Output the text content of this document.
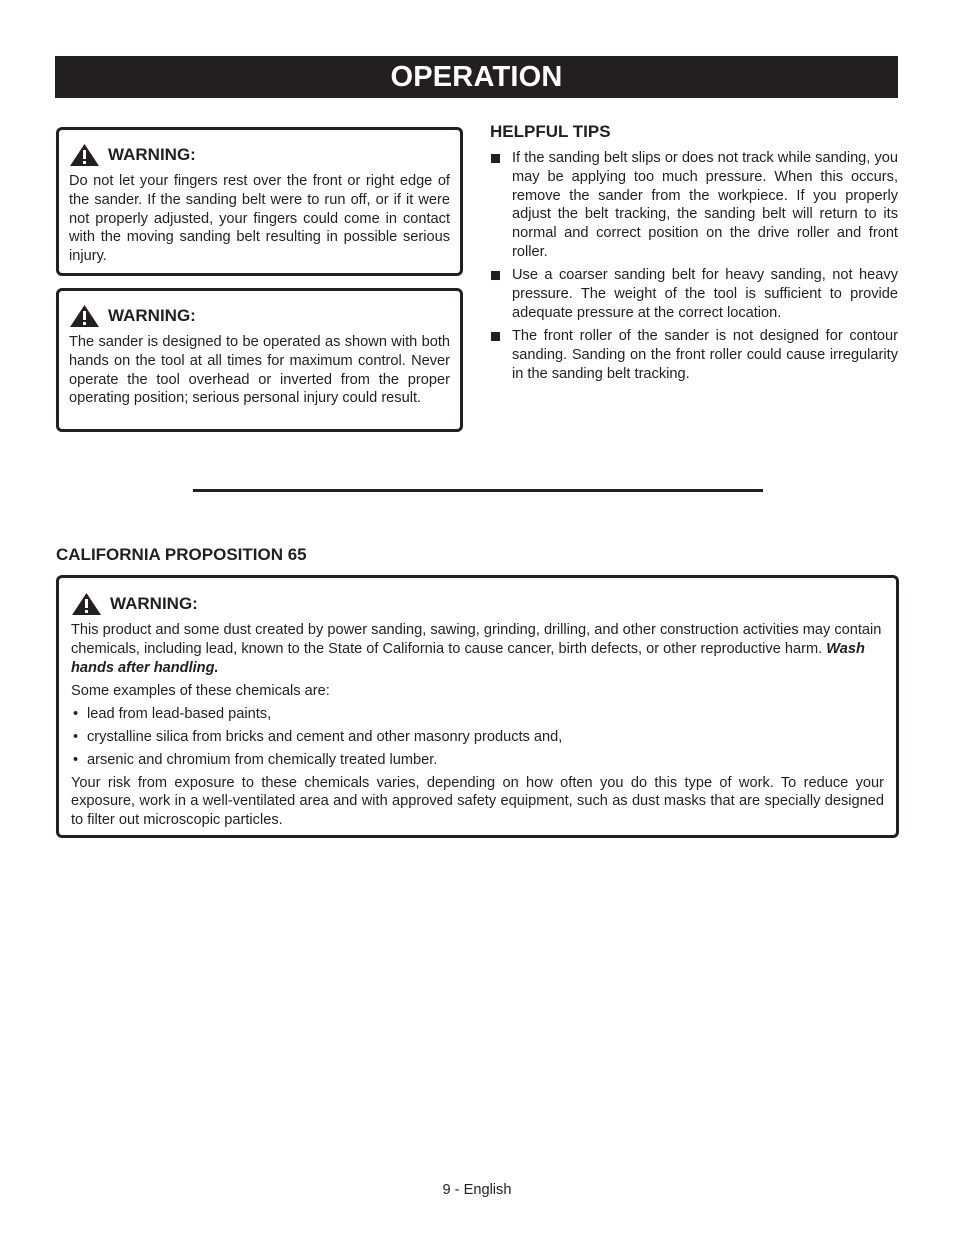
OPERATION
WARNING:

Do not let your fingers rest over the front or right edge of the sander. If the sanding belt were to run off, or if it were not properly adjusted, your fingers could come in contact with the moving sanding belt resulting in possible serious injury.

WARNING:

The sander is designed to be operated as shown with both hands on the tool at all times for maximum control. Never operate the tool overhead or inverted from the proper operating position; serious personal injury could result.

HELPFUL TIPS
If the sanding belt slips or does not track while sanding, you may be applying too much pressure. When this occurs, remove the sander from the workpiece. If you properly adjust the belt tracking, the sanding belt will return to its normal and correct position on the drive roller and front roller.
Use a coarser sanding belt for heavy sanding, not heavy pressure. The weight of the tool is sufficient to provide adequate pressure at the correct location.
The front roller of the sander is not designed for contour sanding. Sanding on the front roller could cause irregularity in the sanding belt tracking.
CALIFORNIA PROPOSITION 65
WARNING:

This product and some dust created by power sanding, sawing, grinding, drilling, and other construction activities may contain chemicals, including lead, known to the State of California to cause cancer, birth defects, or other reproductive harm. Wash hands after handling.

Some examples of these chemicals are:

• lead from lead-based paints,
• crystalline silica from bricks and cement and other masonry products and,
• arsenic and chromium from chemically treated lumber.

Your risk from exposure to these chemicals varies, depending on how often you do this type of work. To reduce your exposure, work in a well-ventilated area and with approved safety equipment, such as dust masks that are specially designed to filter out microscopic particles.

9 - English
